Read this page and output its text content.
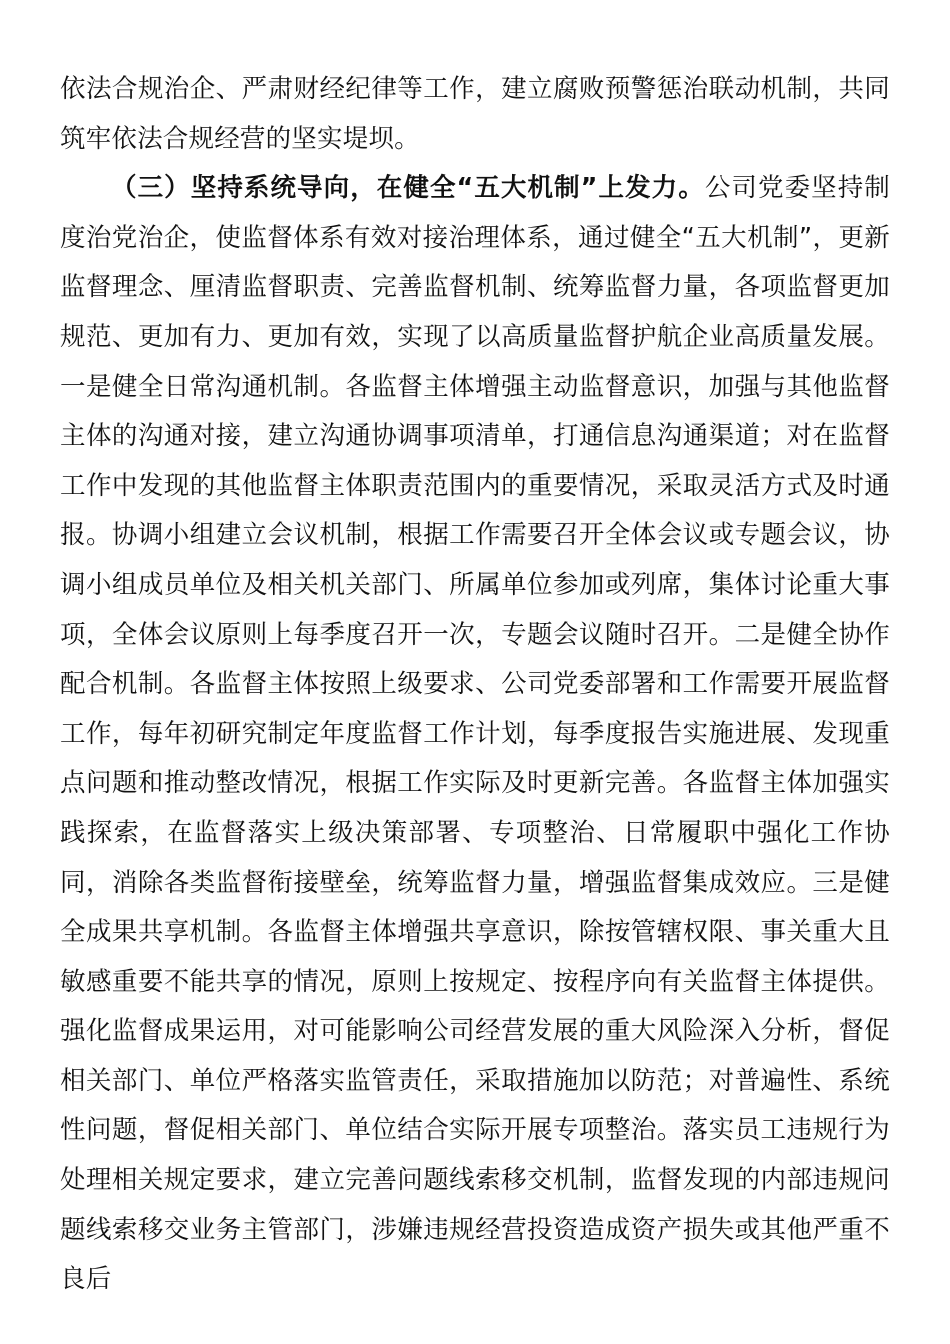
依法合规治企、严肃财经纪律等工作，建立腐败预警惩治联动机制，共同筑牢依法合规经营的坚实堤坝。

（三）坚持系统导向，在健全“五大机制”上发力。公司党委坚持制度治党治企，使监督体系有效对接治理体系，通过健全“五大机制”，更新监督理念、厘清监督职责、完善监督机制、统筹监督力量，各项监督更加规范、更加有力、更加有效，实现了以高质量监督护航企业高质量发展。一是健全日常沟通机制。各监督主体增强主动监督意识，加强与其他监督主体的沟通对接，建立沟通协调事项清单，打通信息沟通渠道；对在监督工作中发现的其他监督主体职责范围内的重要情况，采取灵活方式及时通报。协调小组建立会议机制，根据工作需要召开全体会议或专题会议，协调小组成员单位及相关机关部门、所属单位参加或列席，集体讨论重大事项，全体会议原则上每季度召开一次，专题会议随时召开。二是健全协作配合机制。各监督主体按照上级要求、公司党委部署和工作需要开展监督工作，每年初研究制定年度监督工作计划，每季度报告实施进展、发现重点问题和推动整改情况，根据工作实际及时更新完善。各监督主体加强实践探索，在监督落实上级决策部署、专项整治、日常履职中强化工作协同，消除各类监督衔接壁垒，统筹监督力量，增强监督集成效应。三是健全成果共享机制。各监督主体增强共享意识，除按管辖权限、事关重大且敏感重要不能共享的情况，原则上按规定、按程序向有关监督主体提供。强化监督成果运用，对可能影响公司经营发展的重大风险深入分析，督促相关部门、单位严格落实监管责任，采取措施加以防范；对普遍性、系统性问题，督促相关部门、单位结合实际开展专项整治。落实员工违规行为处理相关规定要求，建立完善问题线索移交机制，监督发现的内部违规问题线索移交业务主管部门，涉嫌违规经营投资造成资产损失或其他严重不良后
